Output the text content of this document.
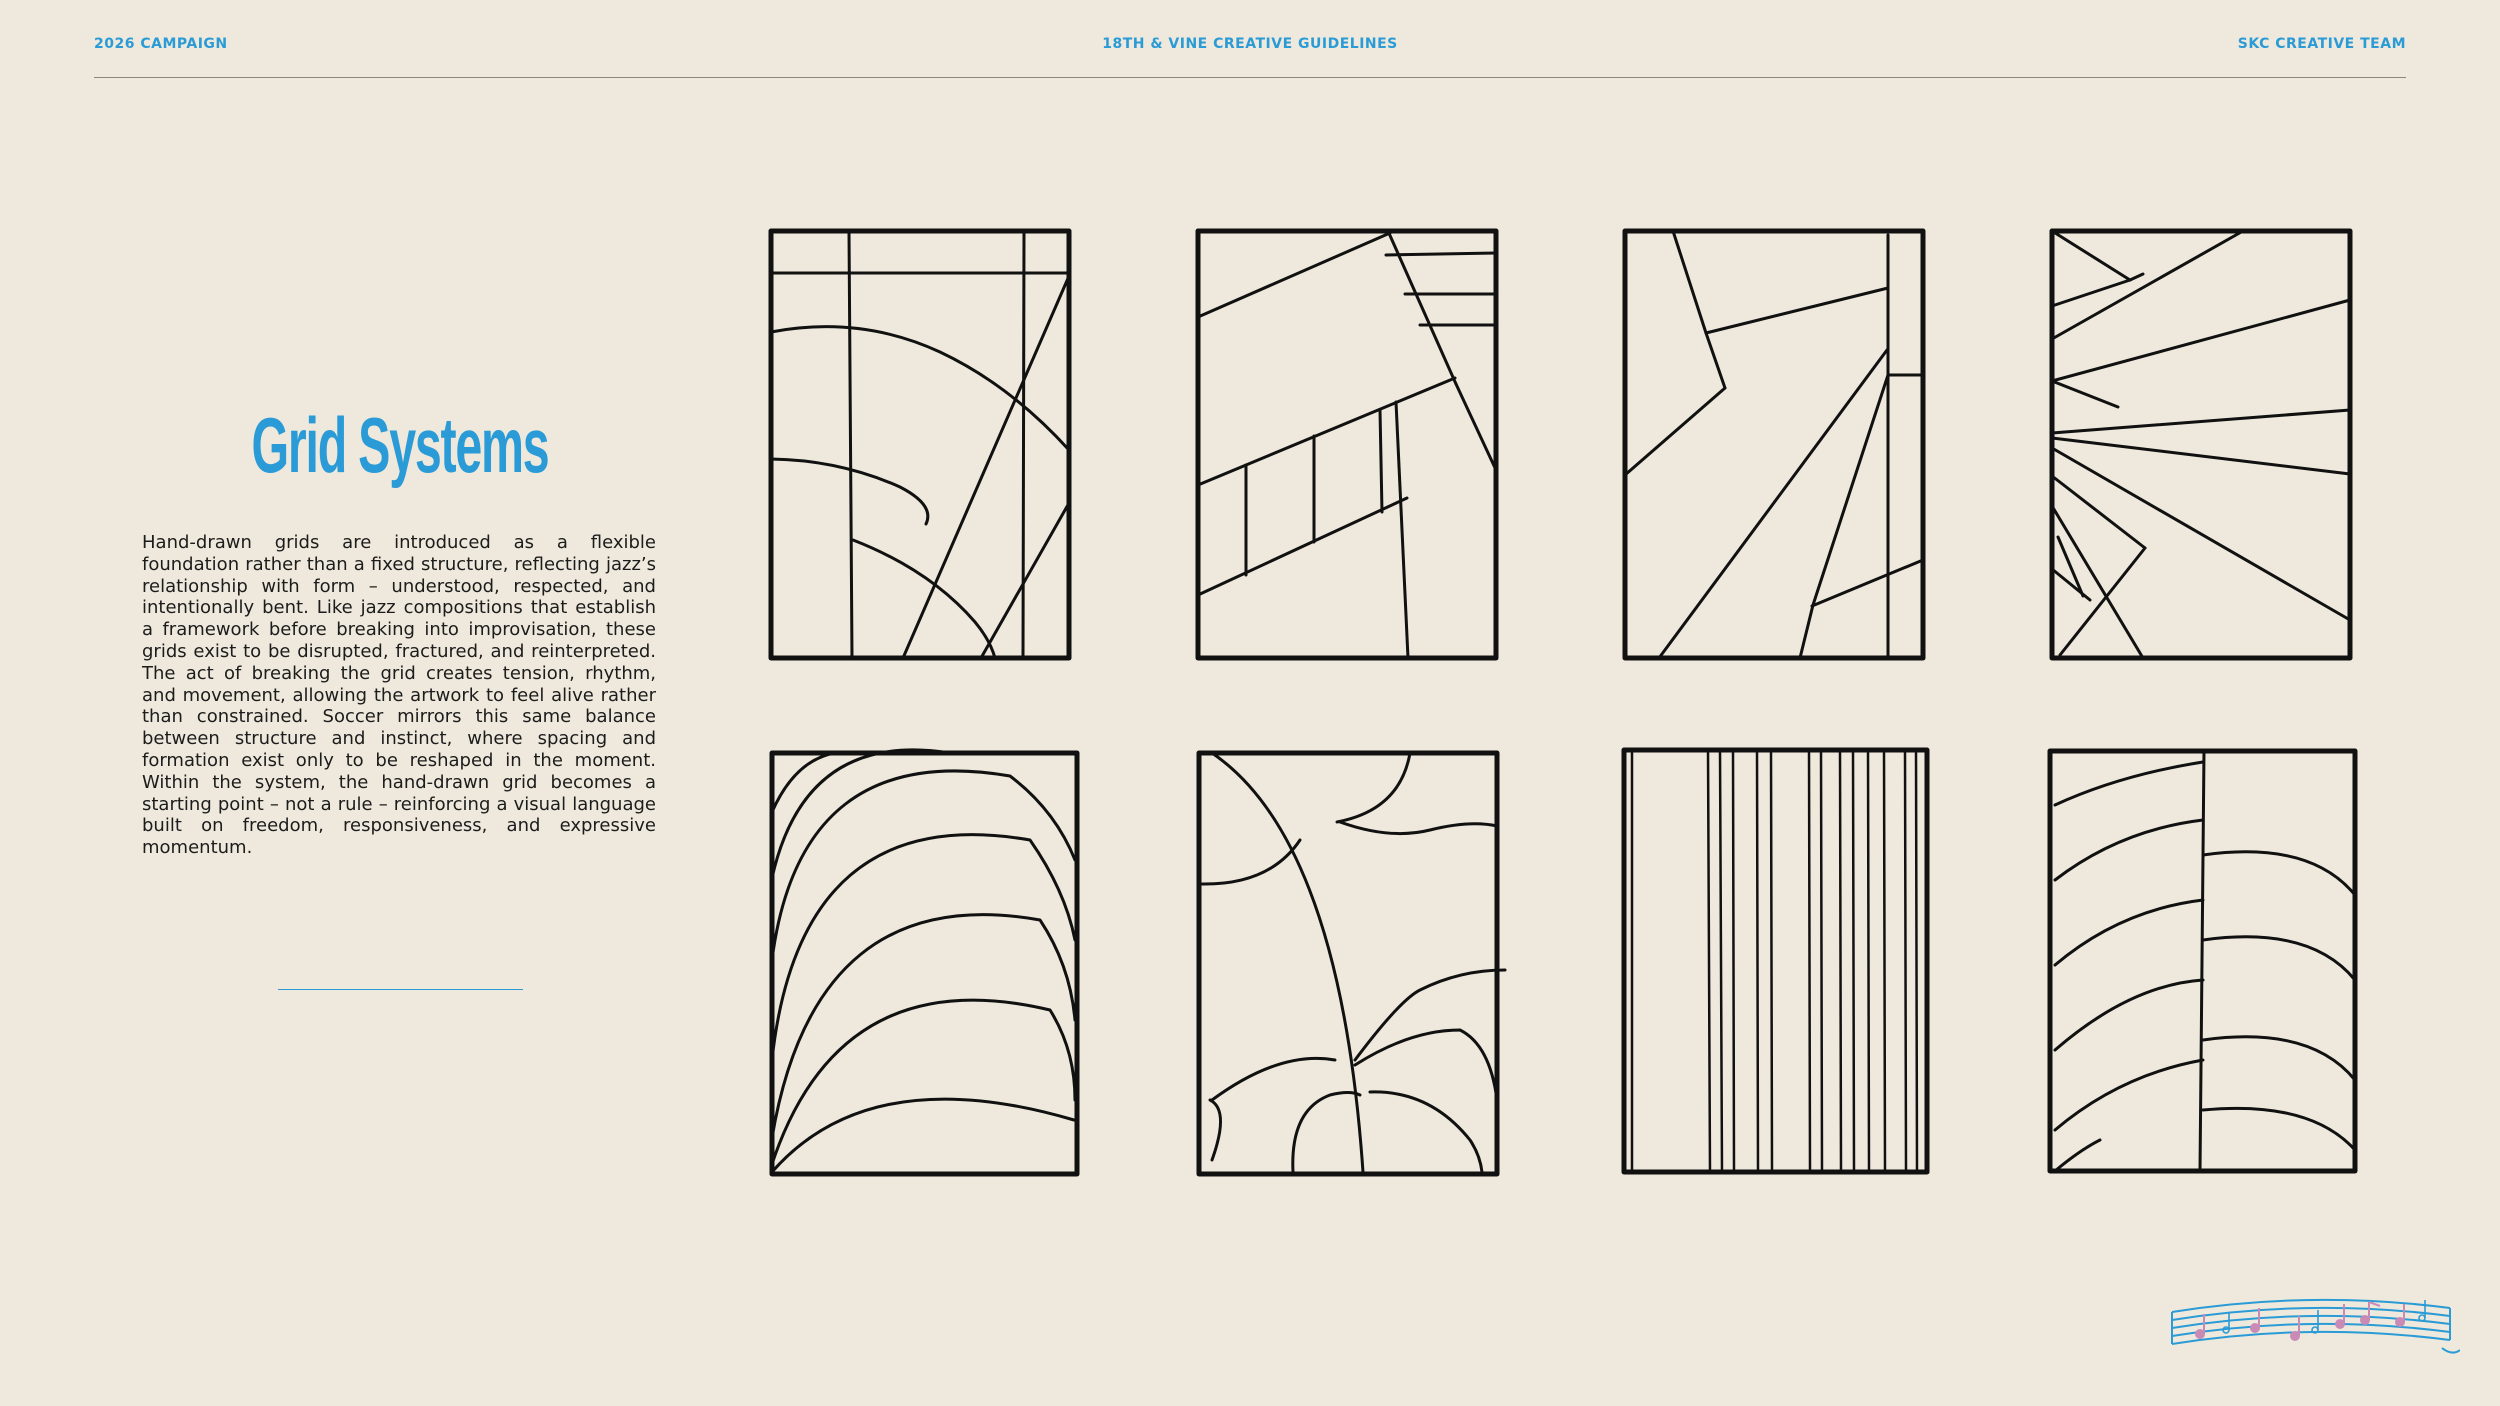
2026 CAMPAIGN	18TH & VINE CREATIVE GUIDELINES	SKC CREATIVE TEAM
Grid Systems

Hand-drawn grids are introduced as a flexible foundation rather than a fixed structure, reflecting jazz’s relationship with form – understood, respected, and intentionally bent. Like jazz compositions that establish a framework before breaking into improvisation, these grids exist to be disrupted, fractured, and reinterpreted. The act of breaking the grid creates tension, rhythm, and movement, allowing the artwork to feel alive rather than constrained. Soccer mirrors this same balance between structure and instinct, where spacing and formation exist only to be reshaped in the moment. Within the system, the hand-drawn grid becomes a starting point – not a rule – reinforcing a visual language built on freedom, responsiveness, and expressive momentum.
